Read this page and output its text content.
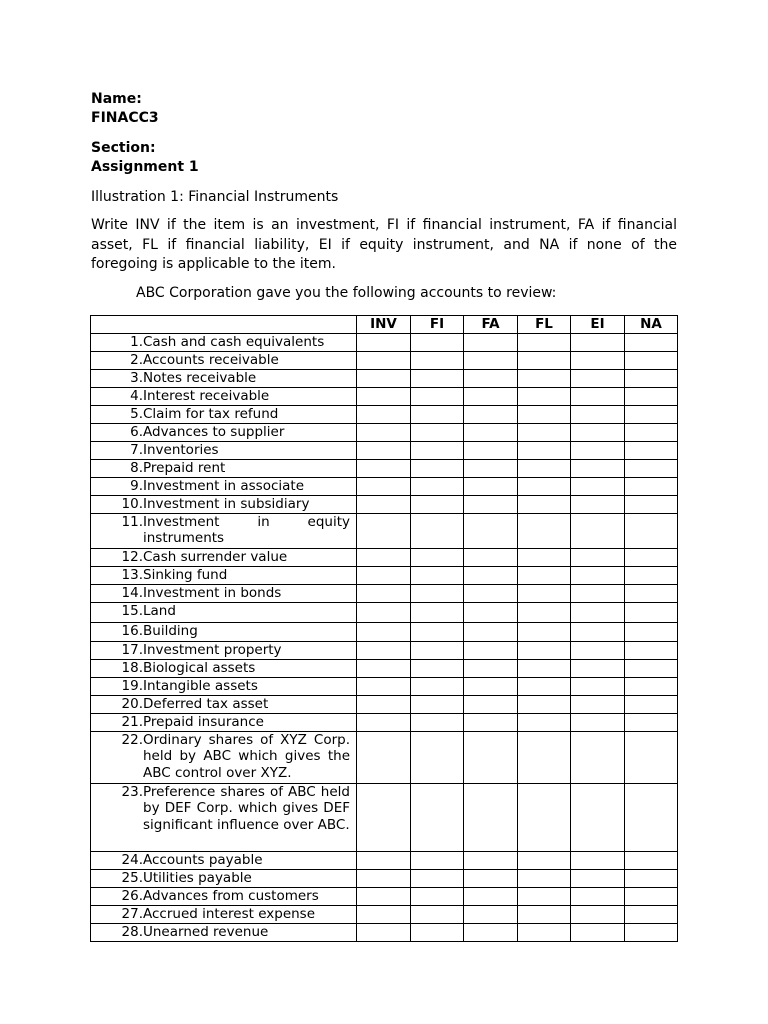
Name:
FINACC3
Section:
Assignment 1
Illustration 1: Financial Instruments
Write INV if the item is an investment, FI if financial instrument, FA if financial asset, FL if financial liability, EI if equity instrument, and NA if none of the foregoing is applicable to the item.
ABC Corporation gave you the following accounts to review:
	INV	FI	FA	FL	EI	NA

1. Cash and cash equivalents						

2. Accounts receivable						

3. Notes receivable						

4. Interest receivable						

5. Claim for tax refund						

6. Advances to supplier						

7. Inventories						

8. Prepaid rent						

9. Investment in associate						

10. Investment in subsidiary						

11. Investment in equity instruments						

12. Cash surrender value						

13. Sinking fund						

14. Investment in bonds						

15. Land						

16. Building						

17. Investment property						

18. Biological assets						

19. Intangible assets						

20. Deferred tax asset						

21. Prepaid insurance						

22. Ordinary shares of XYZ Corp. held by ABC which gives the ABC control over XYZ.						

23. Preference shares of ABC held by DEF Corp. which gives DEF significant influence over ABC.						

24. Accounts payable						

25. Utilities payable						

26. Advances from customers						

27. Accrued interest expense						

28. Unearned revenue						
